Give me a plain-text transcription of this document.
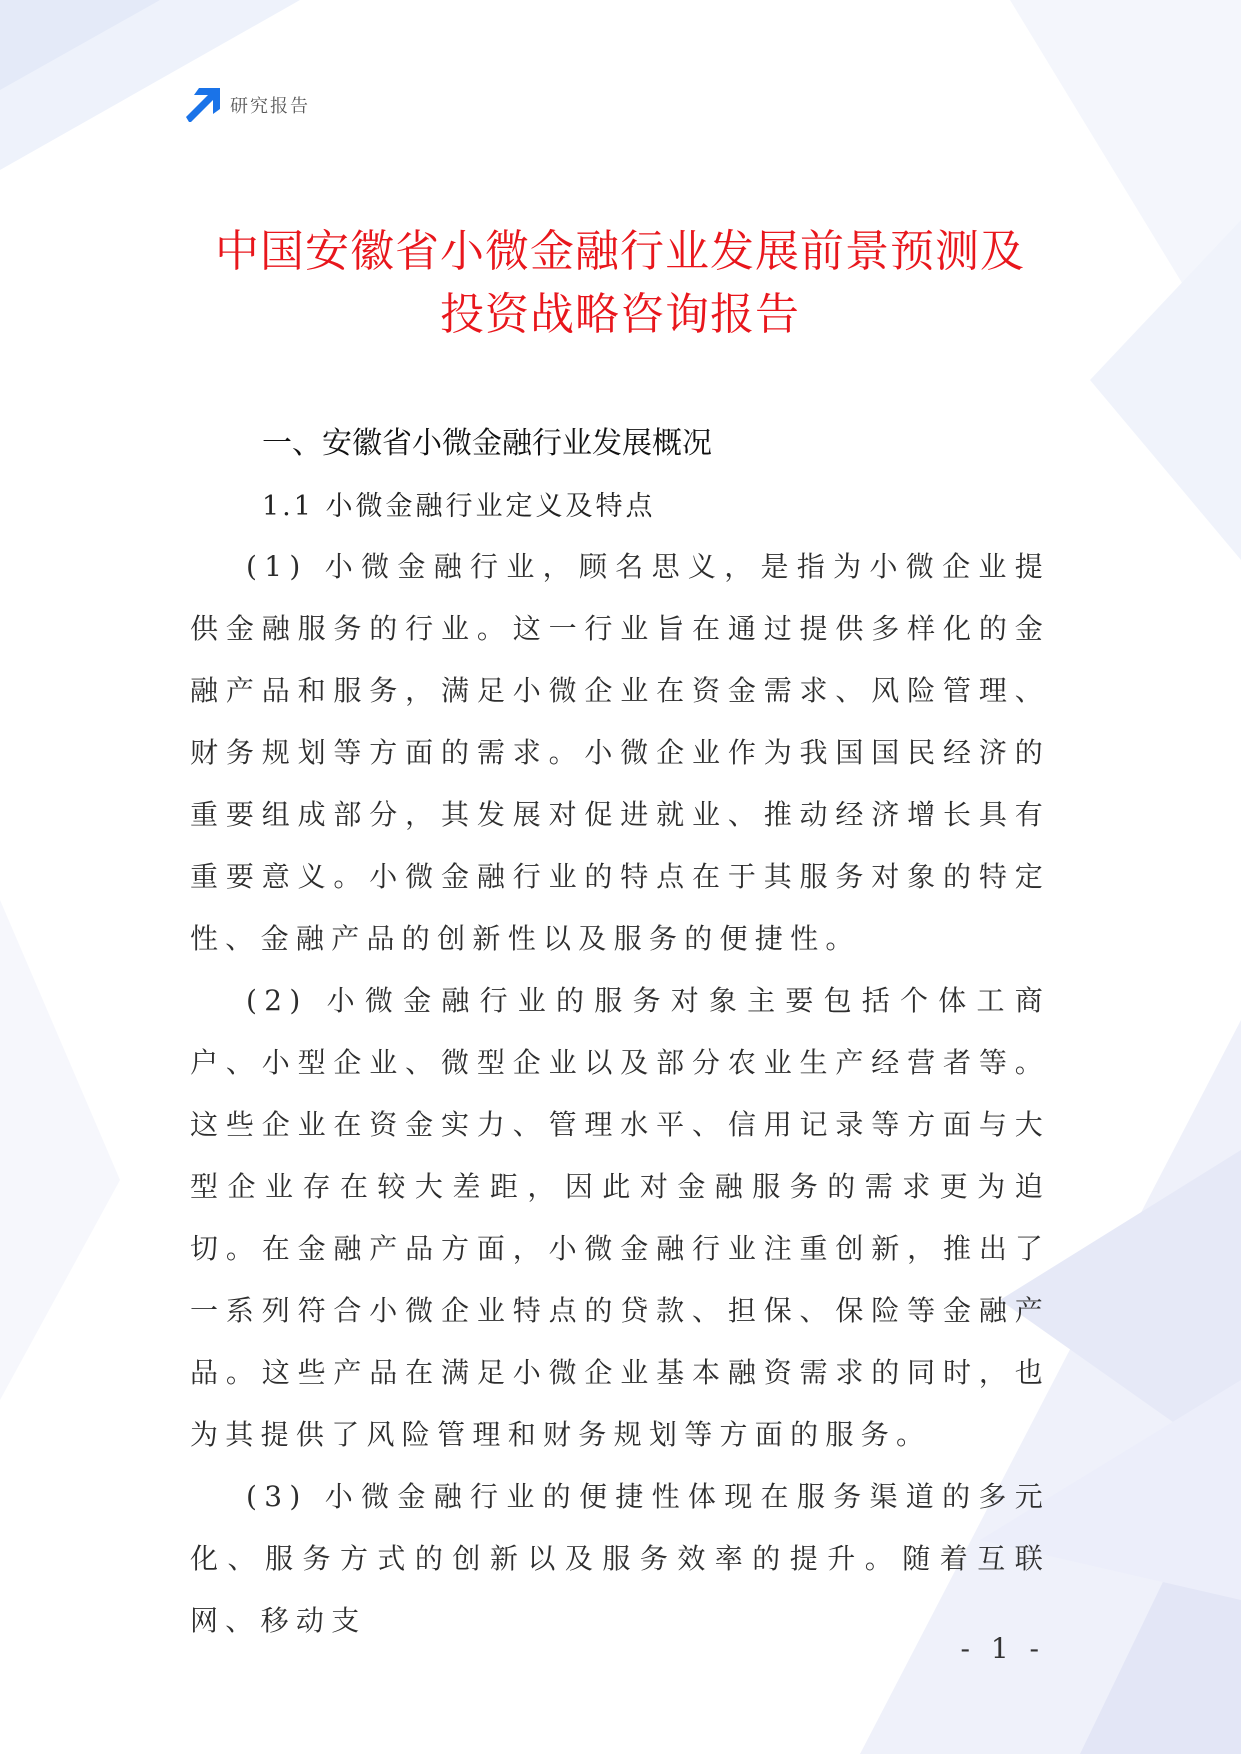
研究报告
中国安徽省小微金融行业发展前景预测及
投资战略咨询报告
一、安徽省小微金融行业发展概况
1.1 小微金融行业定义及特点

(1) 小微金融行业，顾名思义，是指为小微企业提供金融服务的行业。这一行业旨在通过提供多样化的金融产品和服务，满足小微企业在资金需求、风险管理、财务规划等方面的需求。小微企业作为我国国民经济的重要组成部分，其发展对促进就业、推动经济增长具有重要意义。小微金融行业的特点在于其服务对象的特定性、金融产品的创新性以及服务的便捷性。

(2) 小微金融行业的服务对象主要包括个体工商户、小型企业、微型企业以及部分农业生产经营者等。这些企业在资金实力、管理水平、信用记录等方面与大型企业存在较大差距，因此对金融服务的需求更为迫切。在金融产品方面，小微金融行业注重创新，推出了一系列符合小微企业特点的贷款、担保、保险等金融产品。这些产品在满足小微企业基本融资需求的同时，也为其提供了风险管理和财务规划等方面的服务。

(3) 小微金融行业的便捷性体现在服务渠道的多元化、服务方式的创新以及服务效率的提升。随着互联网、移动支

- 1 -
